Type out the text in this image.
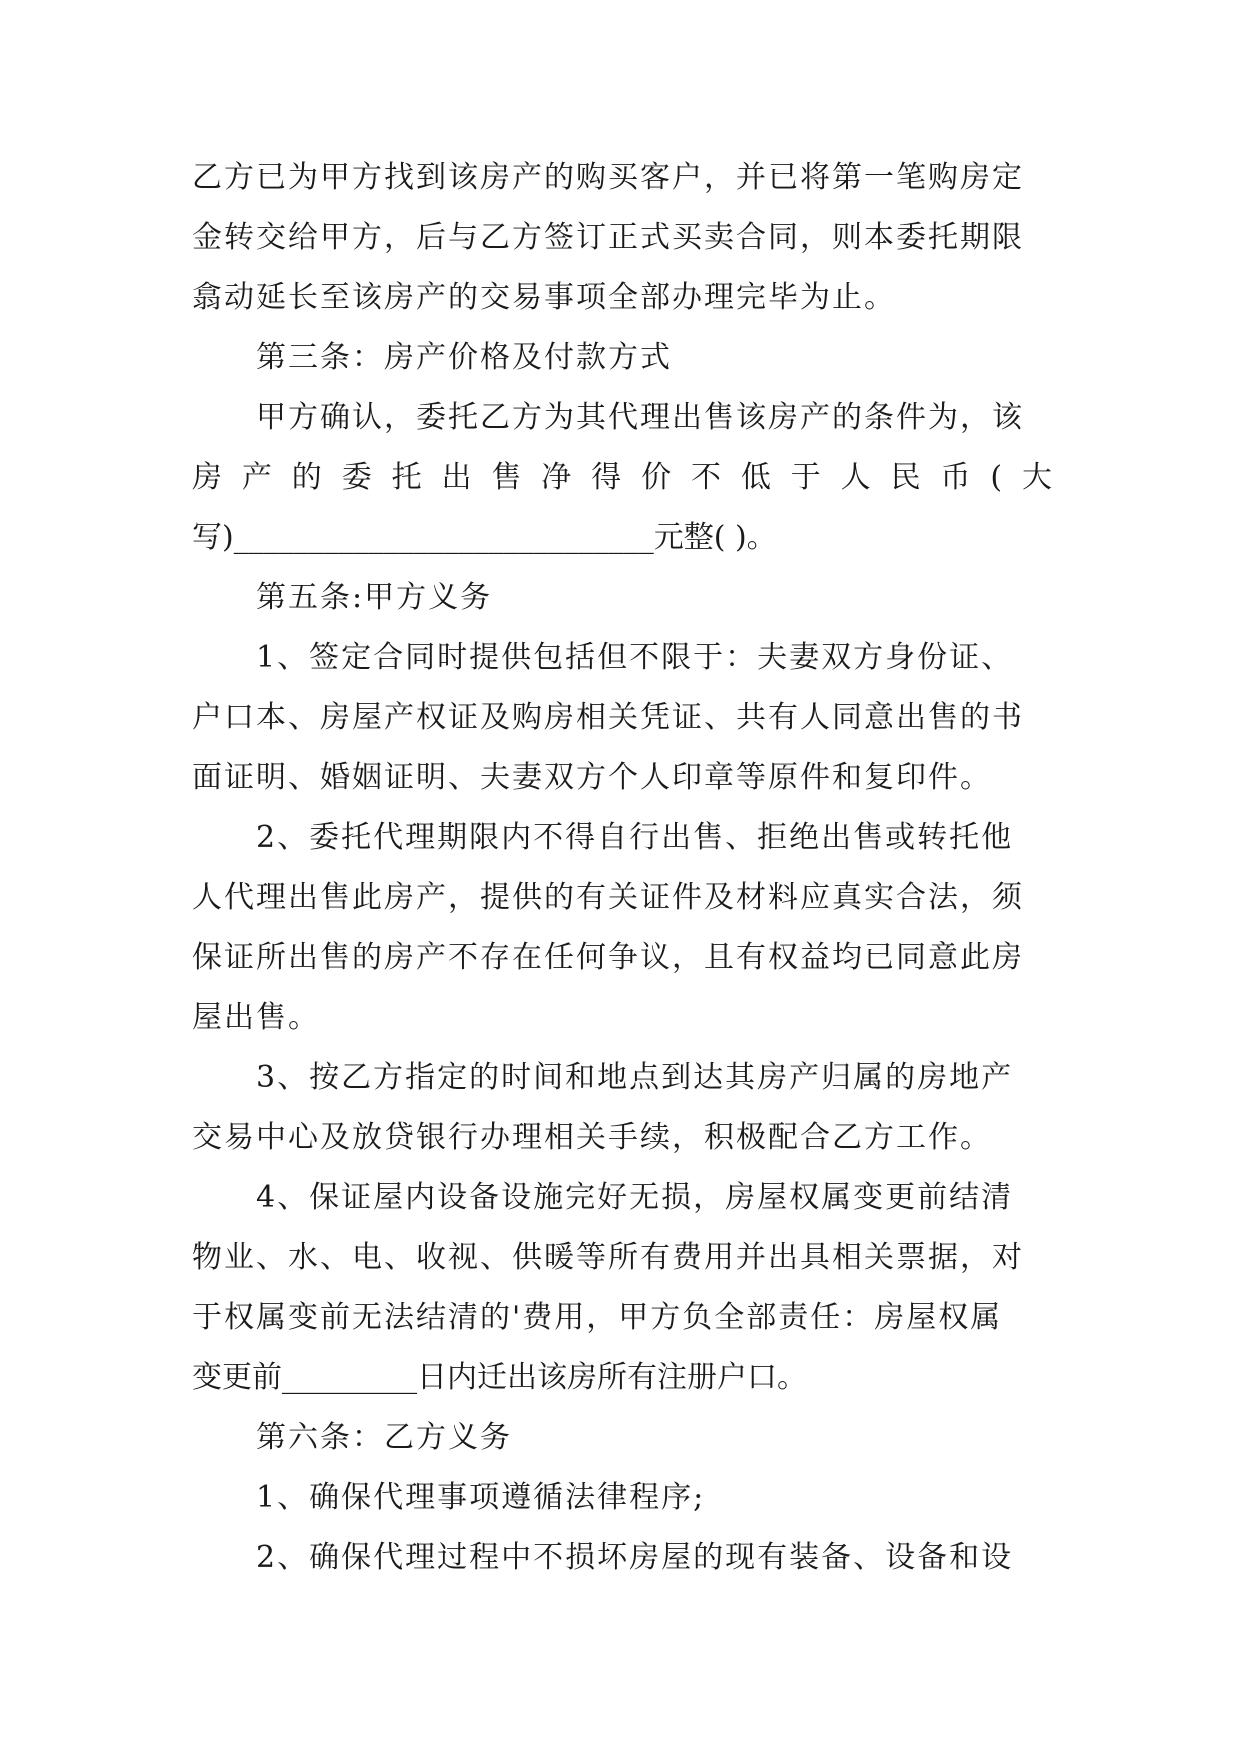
乙方已为甲方找到该房产的购买客户，并已将第一笔购房定
金转交给甲方，后与乙方签订正式买卖合同，则本委托期限
翕动延长至该房产的交易事项全部办理完毕为止。
第三条：房产价格及付款方式
甲方确认，委托乙方为其代理出售该房产的条件为，该
房产的委托出售净得价不低于人民币(大
写)____________________________元整( )。
第五条:甲方义务
1、签定合同时提供包括但不限于：夫妻双方身份证、
户口本、房屋产权证及购房相关凭证、共有人同意出售的书
面证明、婚姻证明、夫妻双方个人印章等原件和复印件。
2、委托代理期限内不得自行出售、拒绝出售或转托他
人代理出售此房产，提供的有关证件及材料应真实合法，须
保证所出售的房产不存在任何争议，且有权益均已同意此房
屋出售。
3、按乙方指定的时间和地点到达其房产归属的房地产
交易中心及放贷银行办理相关手续，积极配合乙方工作。
4、保证屋内设备设施完好无损，房屋权属变更前结清
物业、水、电、收视、供暖等所有费用并出具相关票据，对
于权属变前无法结清的'费用，甲方负全部责任：房屋权属
变更前_________日内迁出该房所有注册户口。
第六条：乙方义务
1、确保代理事项遵循法律程序;
2、确保代理过程中不损坏房屋的现有装备、设备和设
